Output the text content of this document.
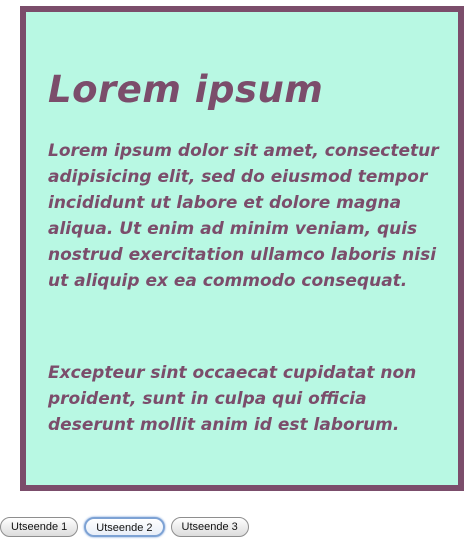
Lorem ipsum

Lorem ipsum dolor sit amet, consectetur adipisicing elit, sed do eiusmod tempor incididunt ut labore et dolore magna aliqua. Ut enim ad minim veniam, quis nostrud exercitation ullamco laboris nisi ut aliquip ex ea commodo consequat.

Excepteur sint occaecat cupidatat non proident, sunt in culpa qui officia deserunt mollit anim id est laborum.

Utseende 1	Utseende 2	Utseende 3
